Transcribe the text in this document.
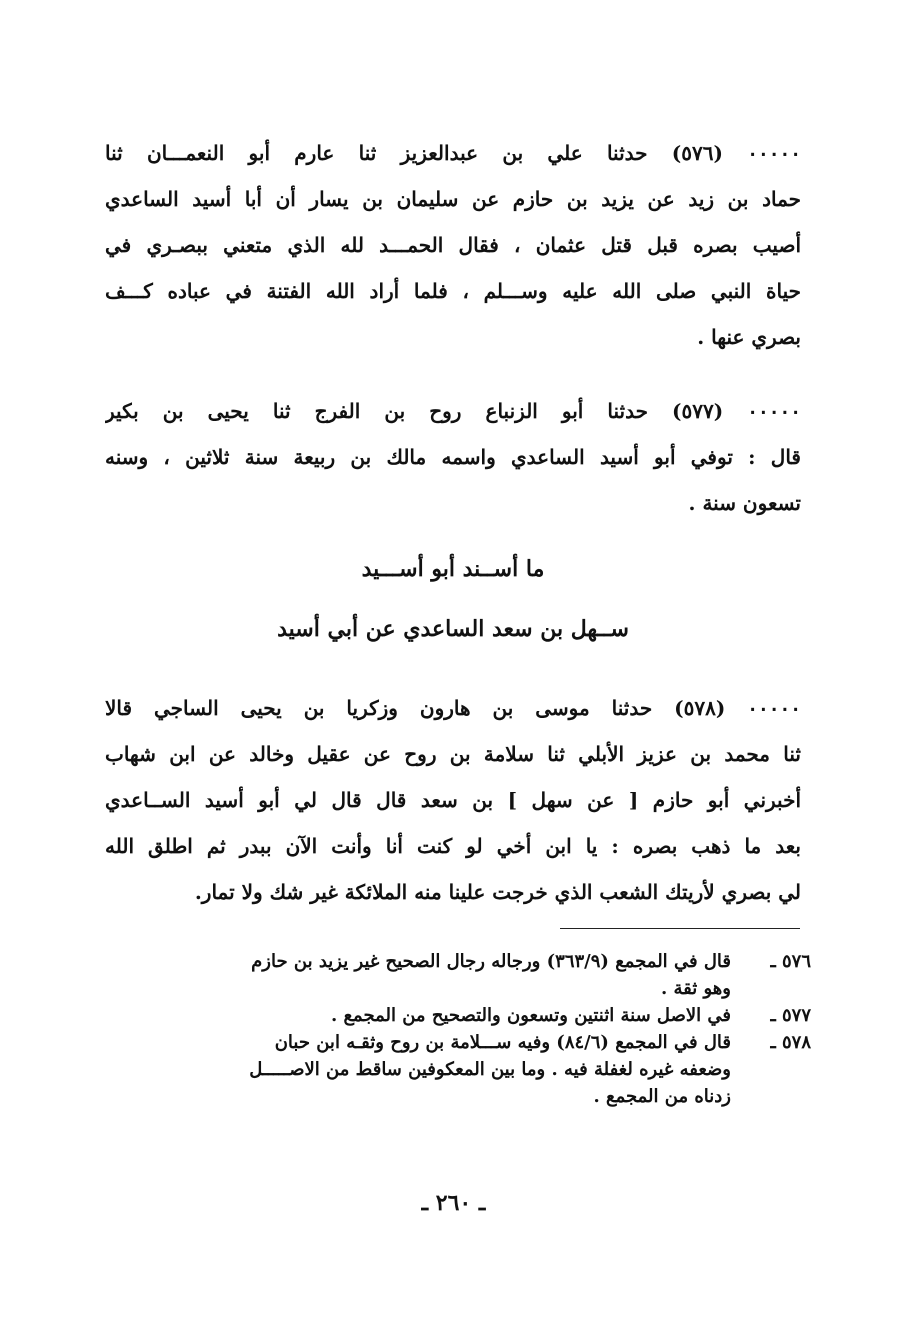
٠٠٠٠٠ (٥٧٦) حدثنا علي بن عبدالعزيز ثنا عارم أبو النعمـــان ثنا
حماد بن زيد عن يزيد بن حازم عن سليمان بن يسار أن أبا أسيد الساعدي
أصيب بصره قبل قتل عثمان ، فقال الحمـــد لله الذي متعني ببصـري في
حياة النبي صلى الله عليه وســـلم ، فلما أراد الله الفتنة في عباده كـــف
بصري عنها .
٠٠٠٠٠ (٥٧٧) حدثنا أبو الزنباع روح بن الفرج ثنا يحيى بن بكير
قال : توفي أبو أسيد الساعدي واسمه مالك بن ربيعة سنة ثلاثين ، وسنه
تسعون سنة .
ما أســند أبو أســـيد
ســهل بن سعد الساعدي عن أبي أسيد
٠٠٠٠٠ (٥٧٨) حدثنا موسى بن هارون وزكريا بن يحيى الساجي قالا
ثنا محمد بن عزيز الأبلي ثنا سلامة بن روح عن عقيل وخالد عن ابن شهاب
أخبرني أبو حازم [ عن سهل ] بن سعد قال قال لي أبو أسيد الســاعدي
بعد ما ذهب بصره : يا ابن أخي لو كنت أنا وأنت الآن ببدر ثم اطلق الله
لي بصري لأريتك الشعب الذي خرجت علينا منه الملائكة غير شك ولا تمار.
٥٧٦ ـ
قال في المجمع (٣٦٣/٩) ورجاله رجال الصحيح غير يزيد بن حازم
وهو ثقة .
٥٧٧ ـ
في الاصل سنة اثنتين وتسعون والتصحيح من المجمع .
٥٧٨ ـ
قال في المجمع (٨٤/٦) وفيه ســـلامة بن روح وثقـه ابن حبان
وضعفه غيره لغفلة فيه . وما بين المعكوفين ساقط من الاصـــــل
زدناه من المجمع .
ـ ٢٦٠ ـ
